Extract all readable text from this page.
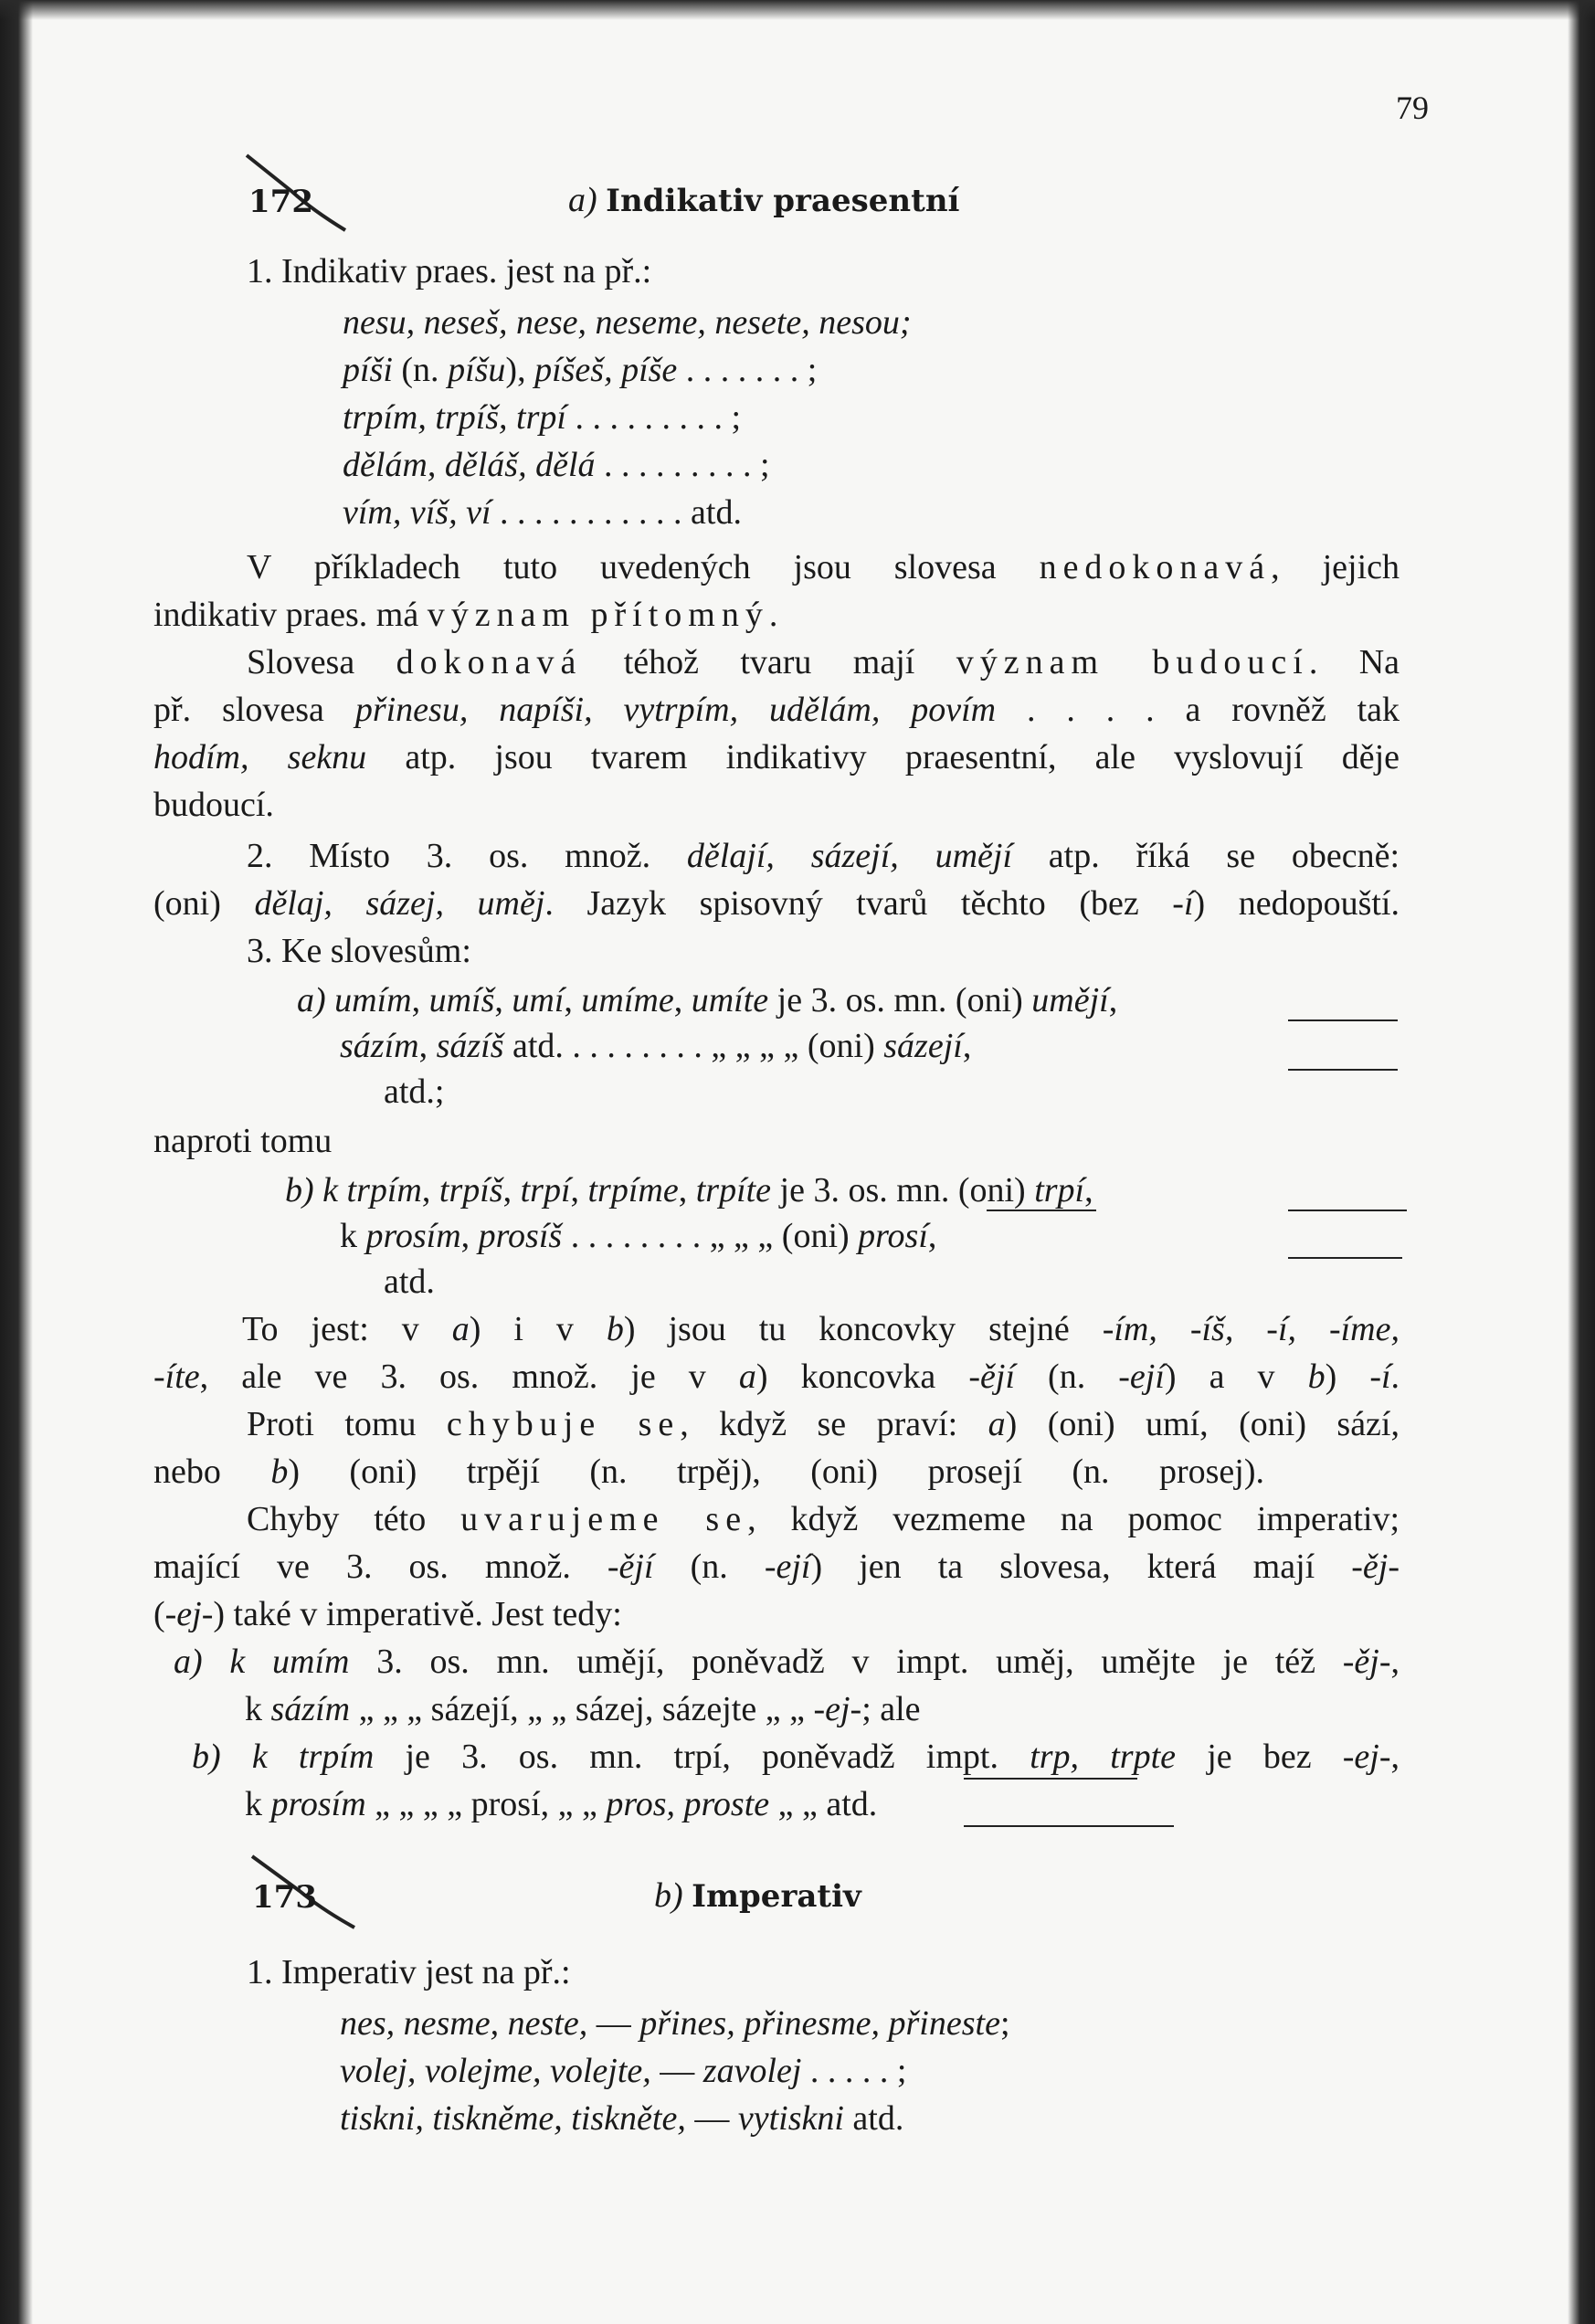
79
172	a) Indikativ praesentní
1. Indikativ praes. jest na př.:
nesu, neseš, nese, neseme, nesete, nesou;
píši (n. píšu), píšeš, píše . . . . . . . ;
trpím, trpíš, trpí . . . . . . . . . ;
dělám, děláš, dělá . . . . . . . . . ;
vím, víš, ví . . . . . . . . . . . atd.
V příkladech tuto uvedených jsou slovesa nedokonavá, jejich
indikativ praes. má význam přítomný.
Slovesa dokonavá téhož tvaru mají význam budoucí. Na
př. slovesa přinesu, napíši, vytrpím, udělám, povím . . . . a rovněž tak
hodím, seknu atp. jsou tvarem indikativy praesentní, ale vyslovují děje
budoucí.
2. Místo 3. os. množ. dělají, sázejí, umějí atp. říká se obecně:
(oni) dělaj, sázej, uměj. Jazyk spisovný tvarů těchto (bez -í) nedopouští.
3. Ke slovesům:
a) umím, umíš, umí, umíme, umíte je 3. os. mn. (oni) umějí,
sázím, sázíš atd. . . . . . . . . „ „ „ „ (oni) sázejí,
atd.;
naproti tomu
b) k trpím, trpíš, trpí, trpíme, trpíte je 3. os. mn. (oni) trpí,
k prosím, prosíš . . . . . . . . „ „ „ (oni) prosí,
atd.
To jest: v a) i v b) jsou tu koncovky stejné -ím, -íš, -í, -íme,
-íte, ale ve 3. os. množ. je v a) koncovka -ějí (n. -ejí) a v b) -í.
Proti tomu chybuje se, když se praví: a) (oni) umí, (oni) sází,
nebo b) (oni) trpějí (n. trpěj), (oni) prosejí (n. prosej).
Chyby této uvarujeme se, když vezmeme na pomoc imperativ;
mající ve 3. os. množ. -ějí (n. -ejí) jen ta slovesa, která mají -ěj-
(-ej-) také v imperativě. Jest tedy:
a) k umím 3. os. mn. umějí, poněvadž v impt. uměj, umějte je též -ěj-,
k sázím „ „ „ sázejí, „ „ sázej, sázejte „ „ -ej-; ale
b) k trpím je 3. os. mn. trpí, poněvadž impt. trp, trpte je bez -ej-,
k prosím „ „ „ „ prosí, „ „ pros, proste „ „ atd.
173	b) Imperativ
1. Imperativ jest na př.:
nes, nesme, neste, — přines, přinesme, přineste;
volej, volejme, volejte, — zavolej . . . . . ;
tiskni, tiskněme, tiskněte, — vytiskni atd.
